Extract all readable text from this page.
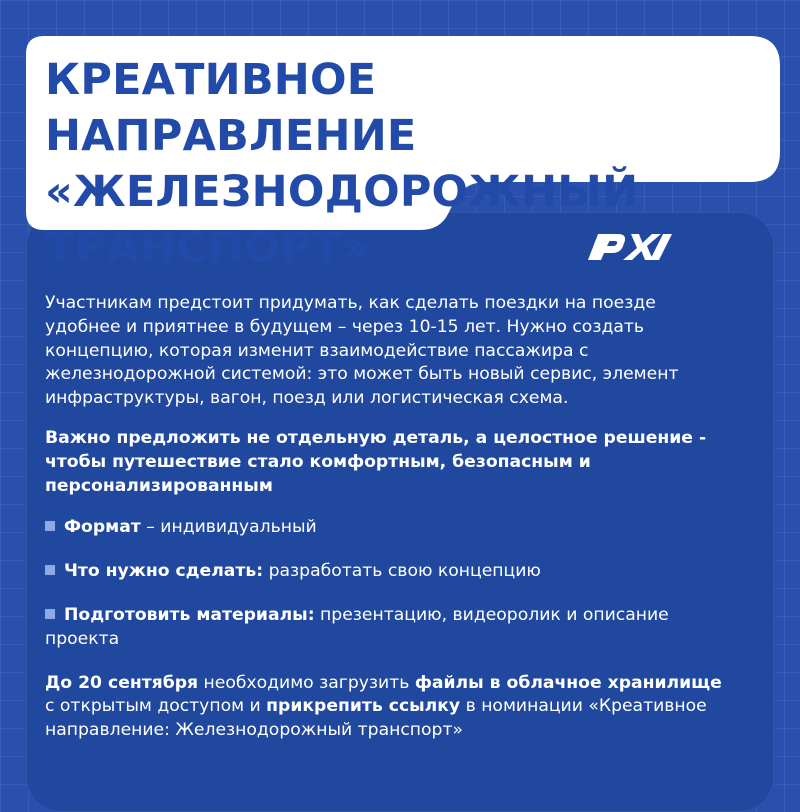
КРЕАТИВНОЕ НАПРАВЛЕНИЕ
«ЖЕЛЕЗНОДОРОЖНЫЙ
ТРАНСПОРТ»

Участникам предстоит придумать, как сделать поездки на поезде удобнее и приятнее в будущем – через 10-15 лет. Нужно создать концепцию, которая изменит взаимодействие пассажира с железнодорожной системой: это может быть новый сервис, элемент инфраструктуры, вагон, поезд или логистическая схема.

Важно предложить не отдельную деталь, а целостное решение - чтобы путешествие стало комфортным, безопасным и персонализированным

Формат – индивидуальный
Что нужно сделать: разработать свою концепцию
Подготовить материалы: презентацию, видеоролик и описание проекта

До 20 сентября необходимо загрузить файлы в облачное хранилище с открытым доступом и прикрепить ссылку в номинации «Креативное направление: Железнодорожный транспорт»
